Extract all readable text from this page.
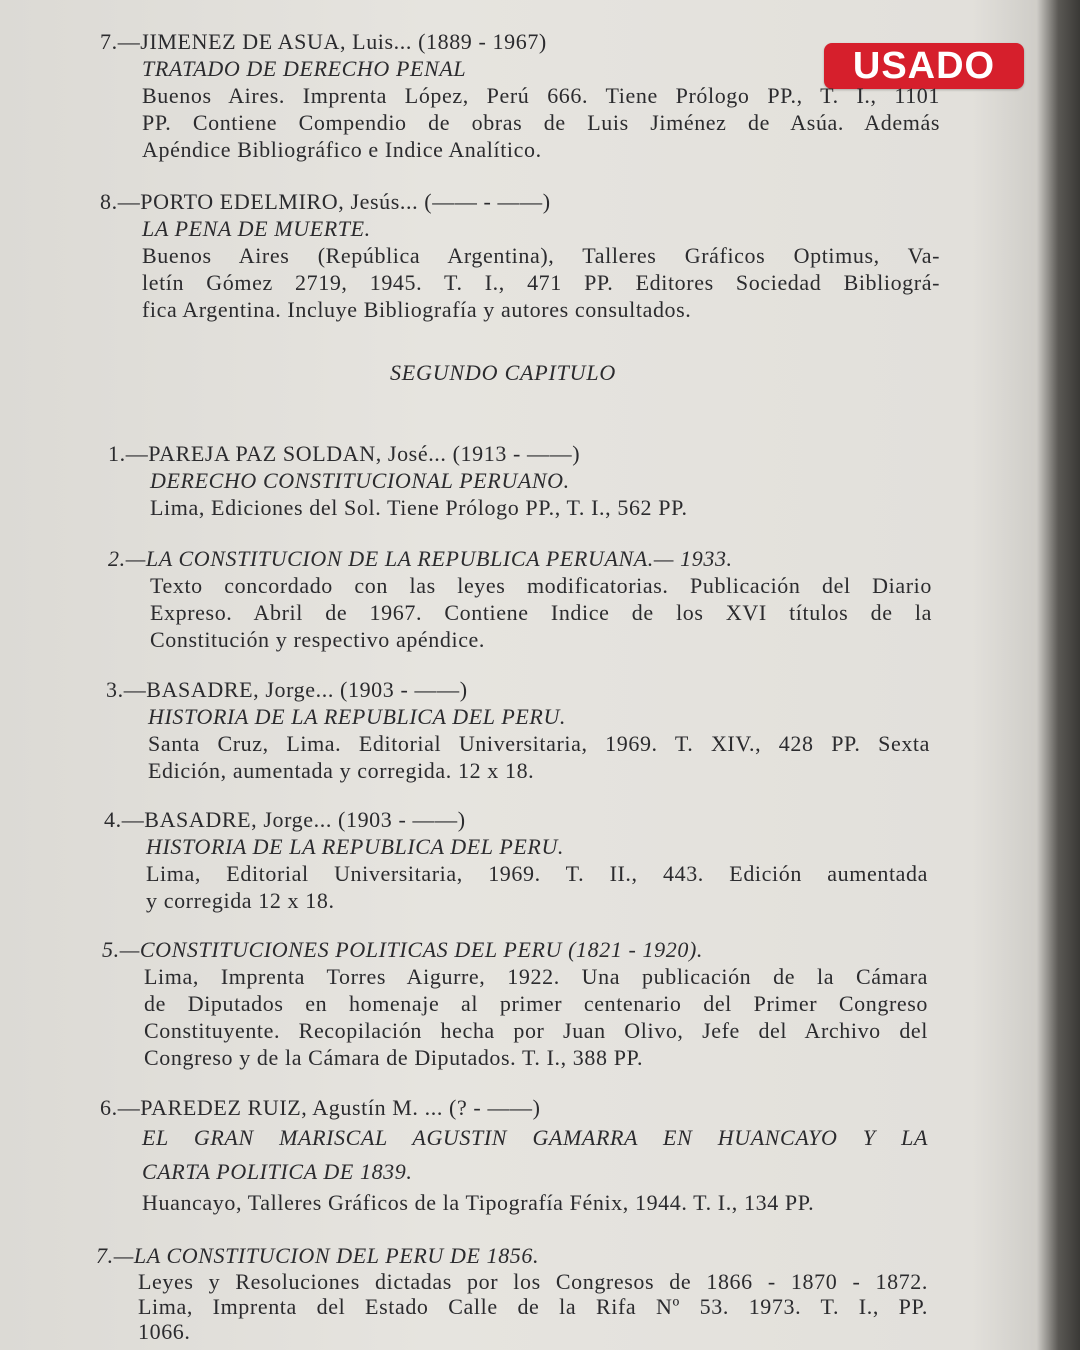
USADO
7.—JIMENEZ DE ASUA, Luis... (1889 - 1967)
TRATADO DE DERECHO PENAL
Buenos Aires. Imprenta López, Perú 666. Tiene Prólogo PP., T. I., 1101
PP. Contiene Compendio de obras de Luis Jiménez de Asúa. Además
Apéndice Bibliográfico e Indice Analítico.
8.—PORTO EDELMIRO, Jesús... (—— - ——)
LA PENA DE MUERTE.
Buenos Aires (República Argentina), Talleres Gráficos Optimus, Va-
letín Gómez 2719, 1945. T. I., 471 PP. Editores Sociedad Bibliográ-
fica Argentina. Incluye Bibliografía y autores consultados.
SEGUNDO CAPITULO
1.—PAREJA PAZ SOLDAN, José... (1913 - ——)
DERECHO CONSTITUCIONAL PERUANO.
Lima, Ediciones del Sol. Tiene Prólogo PP., T. I., 562 PP.
2.—LA CONSTITUCION DE LA REPUBLICA PERUANA.— 1933.
Texto concordado con las leyes modificatorias. Publicación del Diario
Expreso. Abril de 1967. Contiene Indice de los XVI títulos de la
Constitución y respectivo apéndice.
3.—BASADRE, Jorge... (1903 - ——)
HISTORIA DE LA REPUBLICA DEL PERU.
Santa Cruz, Lima. Editorial Universitaria, 1969. T. XIV., 428 PP. Sexta
Edición, aumentada y corregida. 12 x 18.
4.—BASADRE, Jorge... (1903 - ——)
HISTORIA DE LA REPUBLICA DEL PERU.
Lima, Editorial Universitaria, 1969. T. II., 443. Edición aumentada
y corregida 12 x 18.
5.—CONSTITUCIONES POLITICAS DEL PERU (1821 - 1920).
Lima, Imprenta Torres Aigurre, 1922. Una publicación de la Cámara
de Diputados en homenaje al primer centenario del Primer Congreso
Constituyente. Recopilación hecha por Juan Olivo, Jefe del Archivo del
Congreso y de la Cámara de Diputados. T. I., 388 PP.
6.—PAREDEZ RUIZ, Agustín M. ... (? - ——)
EL GRAN MARISCAL AGUSTIN GAMARRA EN HUANCAYO Y LA
CARTA POLITICA DE 1839.
Huancayo, Talleres Gráficos de la Tipografía Fénix, 1944. T. I., 134 PP.
7.—LA CONSTITUCION DEL PERU DE 1856.
Leyes y Resoluciones dictadas por los Congresos de 1866 - 1870 - 1872.
Lima, Imprenta del Estado Calle de la Rifa Nº 53. 1973. T. I., PP.
1066.
